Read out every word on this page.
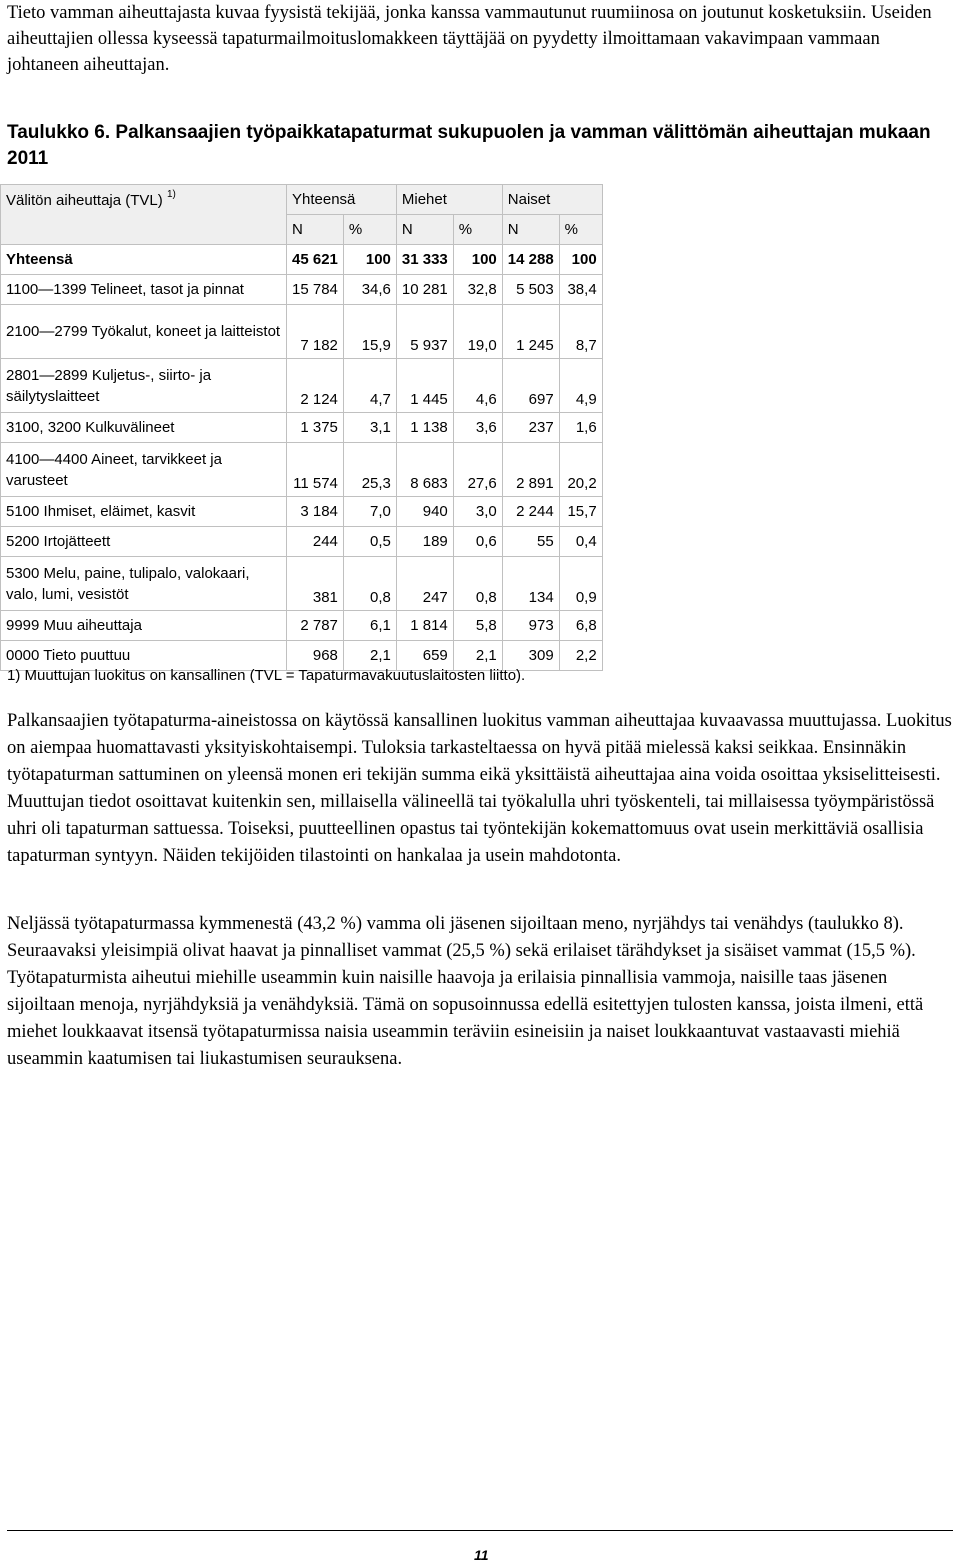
Tieto vamman aiheuttajasta kuvaa fyysistä tekijää, jonka kanssa vammautunut ruumiinosa on joutunut kosketuksiin. Useiden aiheuttajien ollessa kyseessä tapaturmailmoituslomakkeen täyttäjää on pyydetty ilmoittamaan vakavimpaan vammaan johtaneen aiheuttajan.

Taulukko 6. Palkansaajien työpaikkatapaturmat sukupuolen ja vamman välittömän aiheuttajan mukaan 2011
Välitön aiheuttaja (TVL) $^{1)}$	Yhteensä		Miehet		Naiset	
	N	%	N	%	N	%
Yhteensä	45 621	100	31 333	100	14 288	100
1100—1399 Telineet, tasot ja pinnat	15 784	34,6	10 281	32,8	5 503	38,4
2100—2799 Työkalut, koneet ja laitteistot	7 182	15,9	5 937	19,0	1 245	8,7
2801—2899 Kuljetus-, siirto- ja säilytyslaitteet	2 124	4,7	1 445	4,6	697	4,9
3100, 3200 Kulkuvälineet	1 375	3,1	1 138	3,6	237	1,6
4100—4400 Aineet, tarvikkeet ja varusteet	11 574	25,3	8 683	27,6	2 891	20,2
5100 Ihmiset, eläimet, kasvit	3 184	7,0	940	3,0	2 244	15,7
5200 Irtojätteett	244	0,5	189	0,6	55	0,4
5300 Melu, paine, tulipalo, valokaari, valo, lumi, vesistöt	381	0,8	247	0,8	134	0,9
9999 Muu aiheuttaja	2 787	6,1	1 814	5,8	973	6,8
0000 Tieto puuttuu	968	2,1	659	2,1	309	2,2
1) Muuttujan luokitus on kansallinen (TVL = Tapaturmavakuutuslaitosten liitto).

Palkansaajien työtapaturma-aineistossa on käytössä kansallinen luokitus vamman aiheuttajaa kuvaavassa muuttujassa. Luokitus on aiempaa huomattavasti yksityiskohtaisempi. Tuloksia tarkasteltaessa on hyvä pitää mielessä kaksi seikkaa. Ensinnäkin työtapaturman sattuminen on yleensä monen eri tekijän summa eikä yksittäistä aiheuttajaa aina voida osoittaa yksiselitteisesti. Muuttujan tiedot osoittavat kuitenkin sen, millaisella välineellä tai työkalulla uhri työskenteli, tai millaisessa työympäristössä uhri oli tapaturman sattuessa. Toiseksi, puutteellinen opastus tai työntekijän kokemattomuus ovat usein merkittäviä osallisia tapaturman syntyyn. Näiden tekijöiden tilastointi on hankalaa ja usein mahdotonta.

Neljässä työtapaturmassa kymmenestä (43,2 %) vamma oli jäsenen sijoiltaan meno, nyrjähdys tai venähdys (taulukko 8). Seuraavaksi yleisimpiä olivat haavat ja pinnalliset vammat (25,5 %) sekä erilaiset tärähdykset ja sisäiset vammat (15,5 %). Työtapaturmista aiheutui miehille useammin kuin naisille haavoja ja erilaisia pinnallisia vammoja, naisille taas jäsenen sijoiltaan menoja, nyrjähdyksiä ja venähdyksiä. Tämä on sopusoinnussa edellä esitettyjen tulosten kanssa, joista ilmeni, että miehet loukkaavat itsensä työtapaturmissa naisia useammin teräviin esineisiin ja naiset loukkaantuvat vastaavasti miehiä useammin kaatumisen tai liukastumisen seurauksena.

11
